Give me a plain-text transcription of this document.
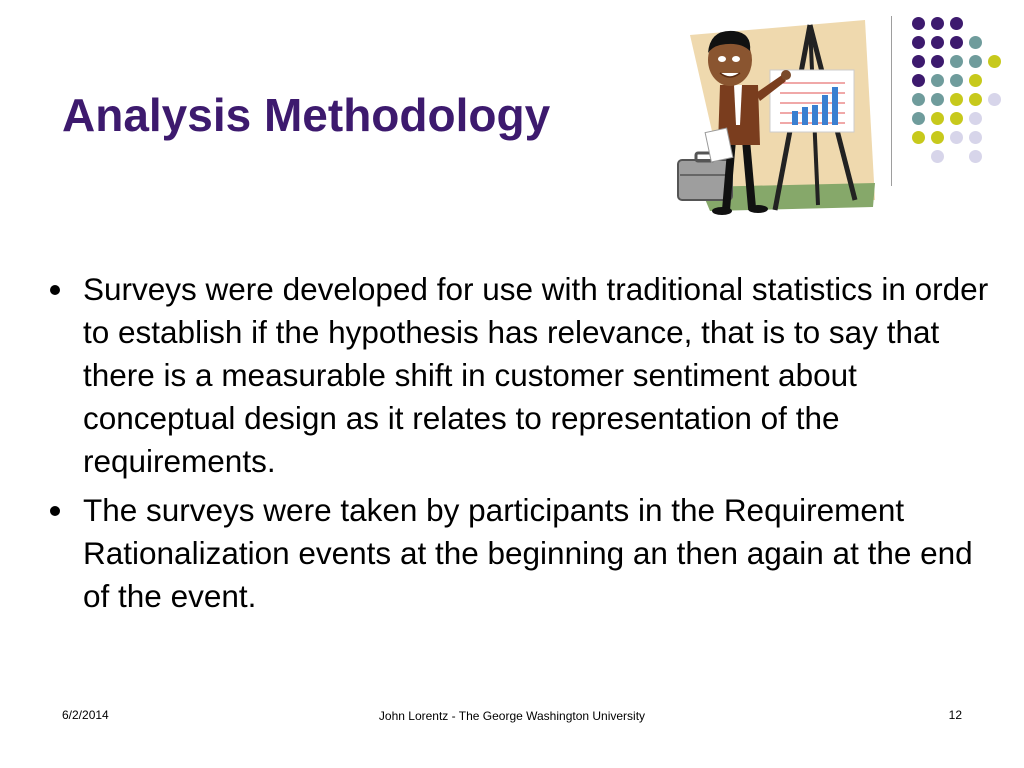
Analysis Methodology
Surveys were developed for use with traditional statistics in order to establish if the hypothesis has relevance, that is to say that there is a measurable shift in customer sentiment about conceptual design as it relates to representation of the requirements.
The surveys were taken by participants in the Requirement Rationalization events at the beginning an then again at the end of the event.
6/2/2014	John Lorentz - The George Washington University	12
